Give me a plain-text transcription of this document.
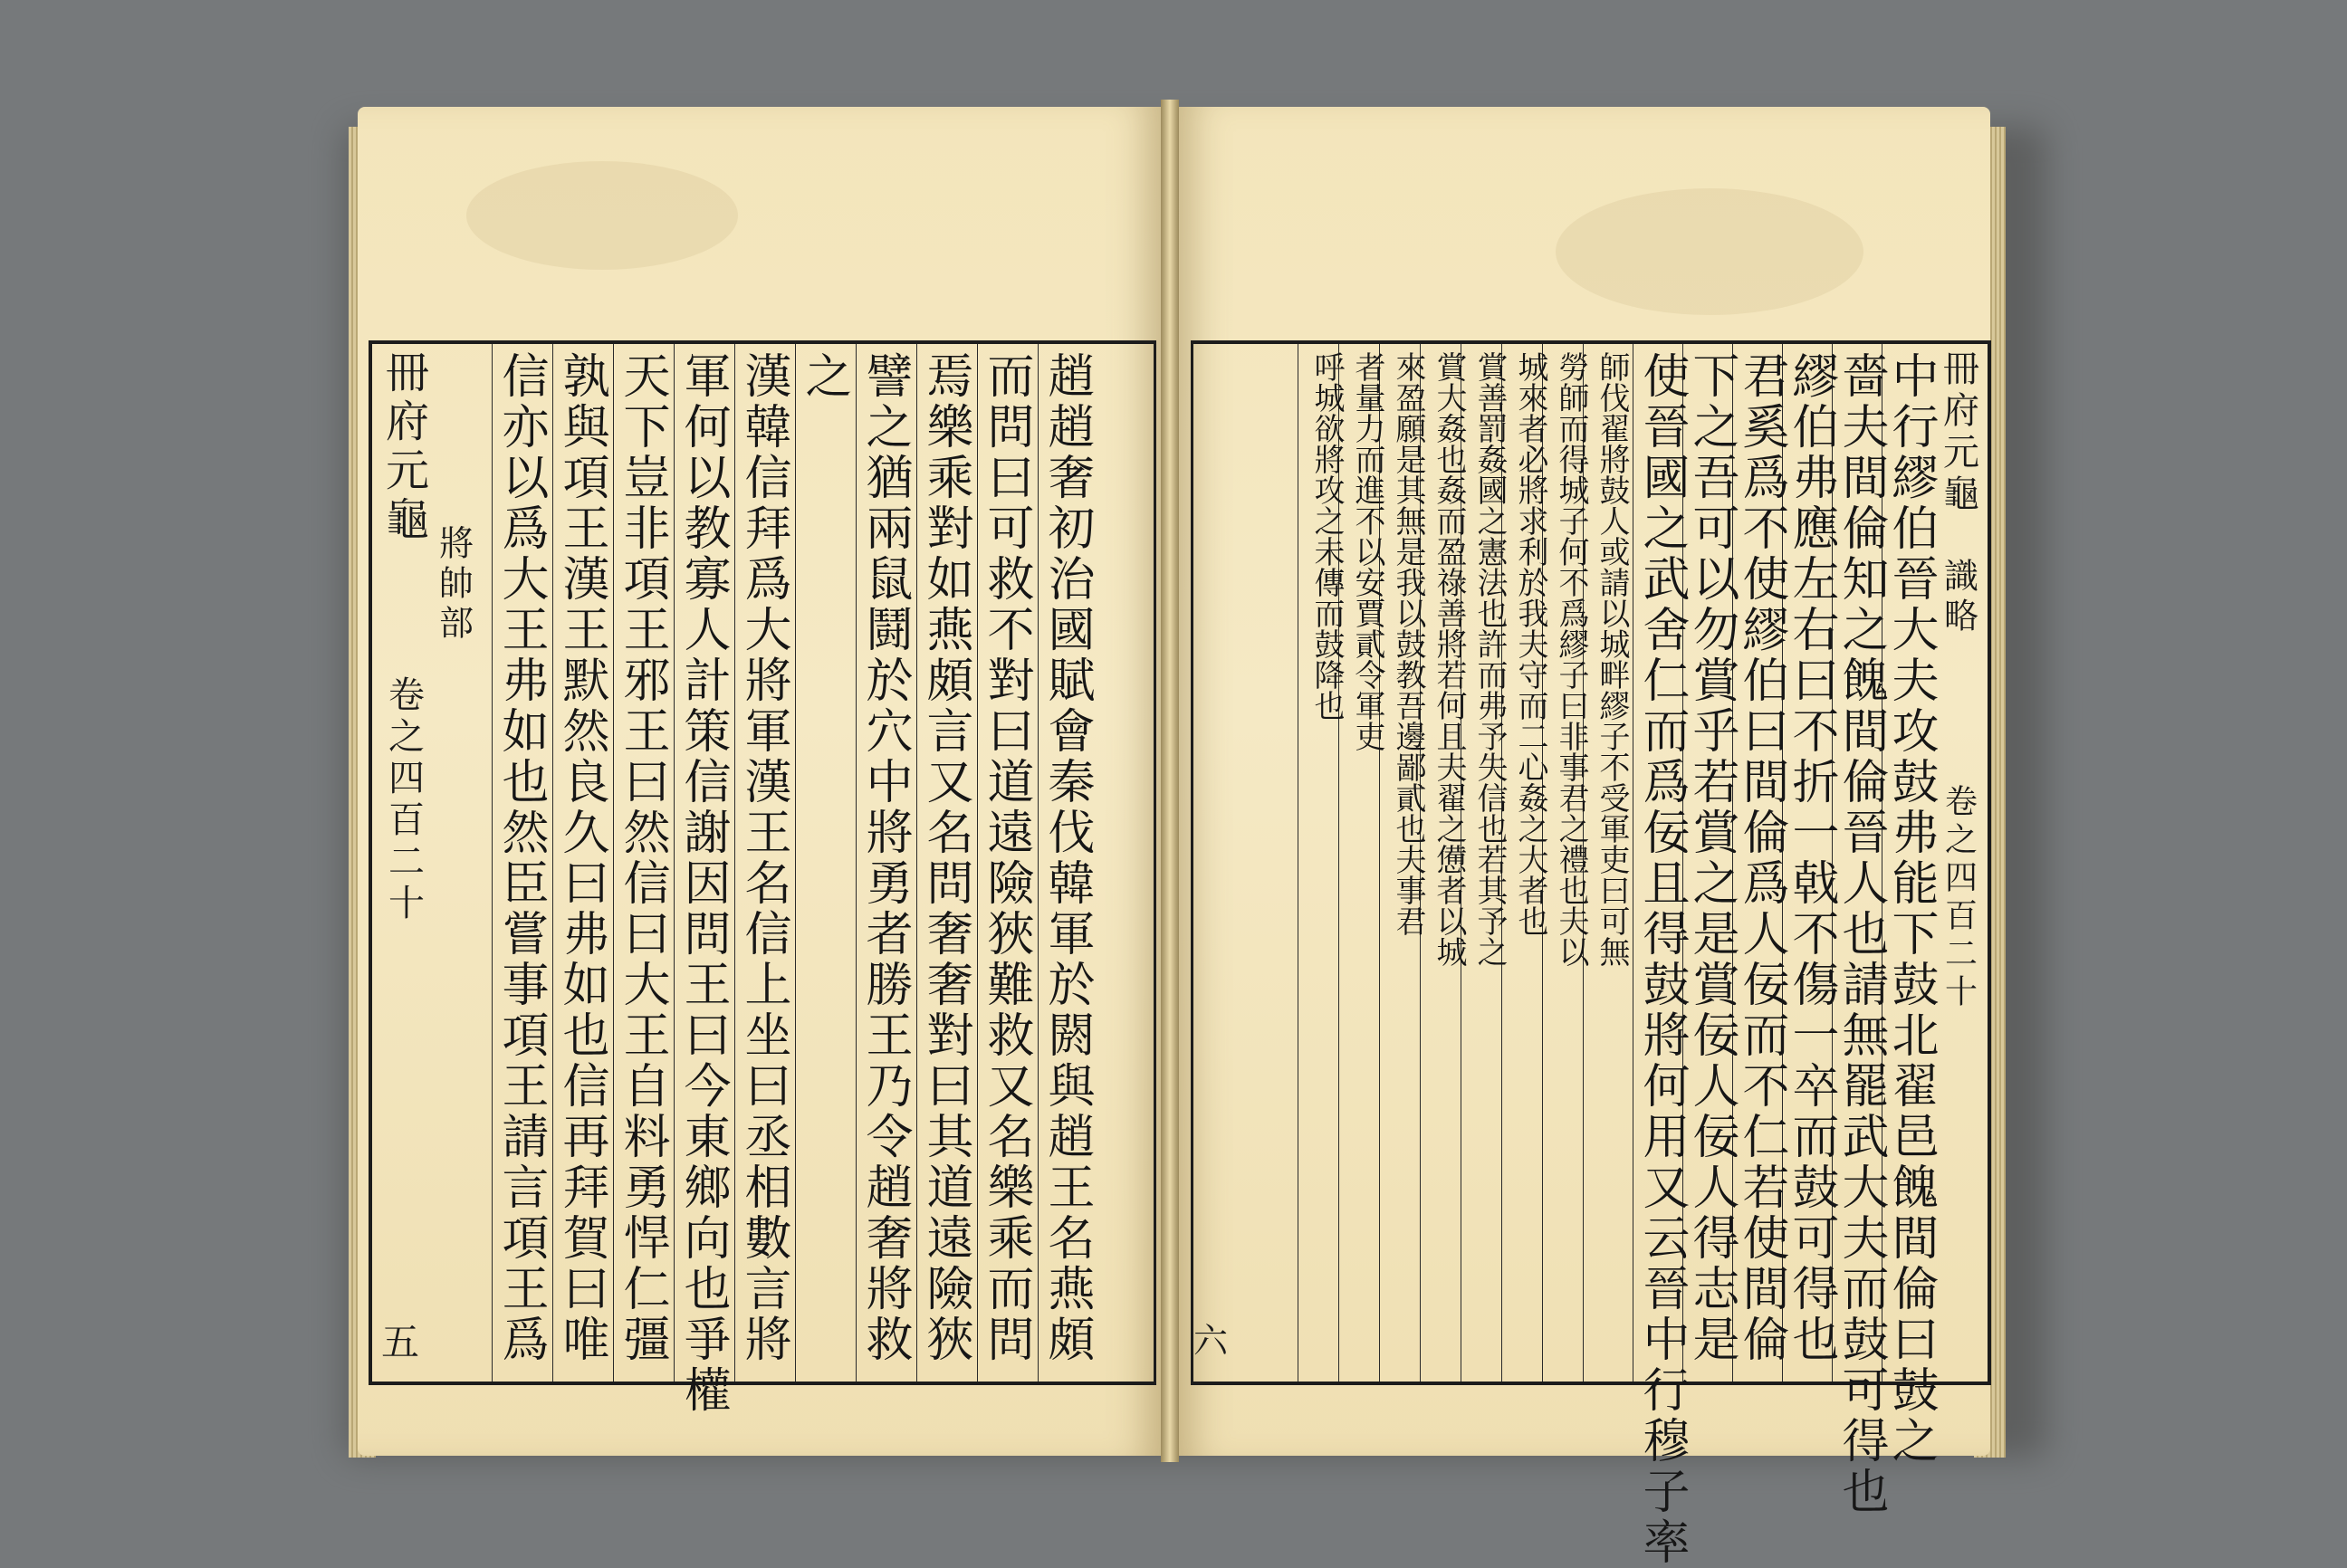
趙趙奢初治國賦會秦伐韓軍於閼與趙王名燕頗
而問曰可救不對曰道遠險狹難救又名樂乘而問
焉樂乘對如燕頗言又名問奢奢對曰其道遠險狹
譬之猶兩鼠鬪於穴中將勇者勝王乃令趙奢將救
之
漢韓信拜爲大將軍漢王名信上坐曰丞相數言將
軍何以教寡人計策信謝因問王曰今東鄉向也爭權
天下豈非項王邪王曰然信曰大王自料勇悍仁彊
孰與項王漢王默然良久曰弗如也信再拜賀曰唯
信亦以爲大王弗如也然臣嘗事項王請言項王爲
冊府元龜
將帥部
卷之四百二十
五	中行繆伯晉大夫攻鼓弗能下鼓北翟邑餽間倫曰鼓之
嗇夫間倫知之餽間倫晉人也請無罷武大夫而鼓可得也
繆伯弗應左右曰不折一戟不傷一卒而鼓可得也
君奚爲不使繆伯曰間倫爲人佞而不仁若使間倫
下之吾可以勿賞乎若賞之是賞佞人佞人得志是
使晉國之武舍仁而爲佞且得鼓將何用又云晉中行穆子率
師伐翟將鼓人或請以城畔繆子不受軍吏曰可無
勞師而得城子何不爲繆子曰非事君之禮也夫以
城來者必將求利於我夫守而二心姦之大者也
賞善罰姦國之憲法也許而弗予失信也若其予之
賞大姦也姦而盈祿善將若何且夫翟之憊者以城
來盈願是其無是我以鼓教吾邊鄙貳也夫事君
者量力而進不以安賈貳令軍吏
呼城欲將攻之未傳而鼓降也	冊府元龜
識略
卷之四百二十
六
